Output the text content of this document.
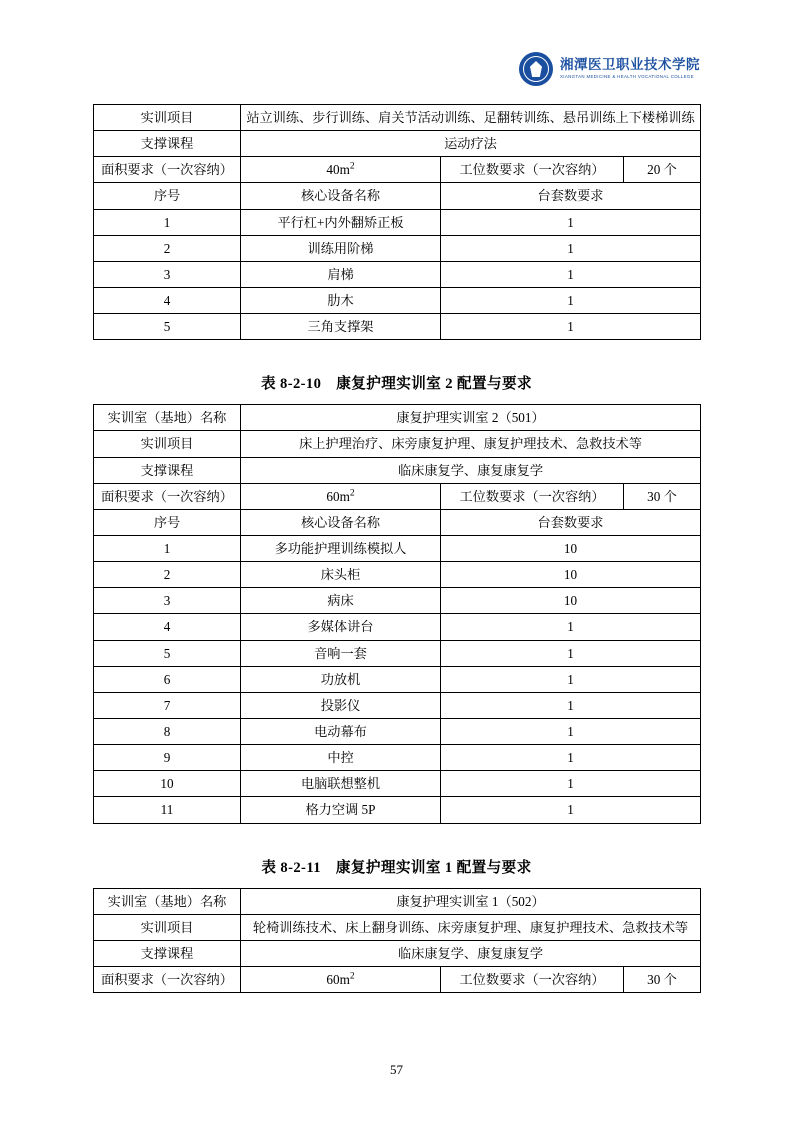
湘潭医卫职业技术学院
XIANGTAN MEDICINE & HEALTH VOCATIONAL COLLEGE
实训项目	站立训练、步行训练、肩关节活动训练、足翻转训练、悬吊训练上下楼梯训练		
支撑课程	运动疗法		
面积要求（一次容纳）	$40m^2$	工位数要求（一次容纳）	20 个
序号	核心设备名称	台套数要求	
1	平行杠+内外翻矫正板	1	
2	训练用阶梯	1	
3	肩梯	1	
4	肋木	1	
5	三角支撑架	1	
表 8-2-10　康复护理实训室 2 配置与要求
实训室（基地）名称	康复护理实训室 2（501）		
实训项目	床上护理治疗、床旁康复护理、康复护理技术、急救技术等		
支撑课程	临床康复学、康复康复学		
面积要求（一次容纳）	$60m^2$	工位数要求（一次容纳）	30 个
序号	核心设备名称	台套数要求	
1	多功能护理训练模拟人	10	
2	床头柜	10	
3	病床	10	
4	多媒体讲台	1	
5	音响一套	1	
6	功放机	1	
7	投影仪	1	
8	电动幕布	1	
9	中控	1	
10	电脑联想整机	1	
11	格力空调 5P	1	
表 8-2-11　康复护理实训室 1 配置与要求
实训室（基地）名称	康复护理实训室 1（502）		
实训项目	轮椅训练技术、床上翻身训练、床旁康复护理、康复护理技术、急救技术等		
支撑课程	临床康复学、康复康复学		
面积要求（一次容纳）	$60m^2$	工位数要求（一次容纳）	30 个
57
